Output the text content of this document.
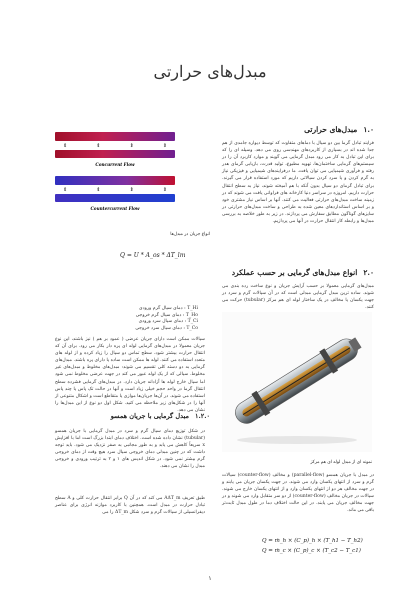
مبدل‌های حرارتی
۱.۰مبدل‌های حرارتی
فرایند تبادل گرما بین دو سیال با دماهای متفاوت که توسط دیواره جامدی از هم جدا شده اند در بسیاری از کاربردهای مهندسی روی می دهد. وسیله ای را که برای این تبادل به کار می رود مبدل گرمایی می گویند و موارد کاربرد آن را در سیستم‌های گرمایی ساختمان‌ها، تهویه مطبوع، تولید قدرت، بازیابی گرمای هدر رفته و فرآوری شیمیایی می توان یافت. ما درفرایندهای شیمیایی و فیزیکی نیاز به گرم کردن و یا سرد کردن سیالاتی داریم که مورد استفاده قرار می گیرند. برای تبادل گرمای دو سیال بدون آنکه با هم آمیخته شوند، نیاز به سطح انتقال حرارت داریم. امروزه در سراسر دنیا کارخانه های فراوانی یافت می شوند که در زمینه ساخت مبدل‌های حرارتی فعالیت می کنند. آنها بر اساس نیاز مشتری خود و بر اساس استانداردهای معین شده به طراحی و ساخت مبدل‌های حرارتی در سایزهای گوناگون مطابق سفارش می پردازند. در زیر به طور خلاصه به بررسی مبدل‌ها و رابطه کار انتقال حرارت در آنها می پردازیم.
⇕	⇕	⇕	⇕
Concurrent Flow
⇕	⇕	⇕	⇕
Countercurrent Flow
انواع جریان در مبدل‌ها
Q = U * A_os * ΔT_lm
۲.۰انواع مبدل‌های گرمایی بر حسب عملکرد
مبدل‌های گرمایی معمولا بر حسب آرایش جریان و نوع ساخت رده بندی می شوند. ساده ترین مبدل گرمایی مبدلی است که در آن سیالات گرم و سرد در جهت یکسان یا مخالف در یک ساختار لوله ای هم مرکز (tubular) حرکت می کنند.
T_Hi : دمای سیال گرم ورودی
T_Ho : دمای سیال گرم خروجی
T_Ci : دمای سیال سرد ورودی
T_Co : دمای سیال سرد خروجی
سیالات ممکن است دارای جریان عرضی ( عمود بر هم ) نیز باشند، این نوع جریان معمولا در مبدل‌های گرمایی لوله ای پره دار بکار می رود. برای آن که انتقال حرارت بیشتر شود، سطح تماس دو سیال را زیاد کرده و از لوله های متعدد استفاده می کنند. لوله ها ممکن است ساده یا دارای پره باشند. مبدل‌های گرمایی به دو دسته کلی تقسیم می شوند: مبدل‌های مخلوط و مبدل‌های غیر مخلوط. سیالی که از یک لوله عبور می کند در جهت عرضی مخلوط نمی شود اما سیال خارج لوله ها آزادانه جریان دارد. در مبدل‌های گرمایی فشرده سطح انتقال گرما در واحد حجم خیلی زیاد است و آنها در حالت تک پاس یا چند پاس استفاده می شوند. در آن‌ها جریان‌ها موازی یا متقاطع است و اشکال متنوعی از آنها را در شکل‌های زیر ملاحظه می کنید. شکل اول دو نوع از این مبدل‌ها را نشان می دهد.
نمونه ای از مبدل لوله ای هم مرکز
۱.۲.۰مبدل گرمایی با جریان همسو
در شکل توزیع دمای سیال گرم و سرد در مبدل گرمایی با جریان همسو (tubular) نشان داده شده است. اختلاف دمای ابتدا بزرگ است اما با افزایش x سریعاً کاهش می یابد و به طور مجانبی به صفر نزدیک می شود. باید توجه داشت که در چنین مبدلی دمای خروجی سیال سرد هیچ وقت از دمای خروجی گرم بیشتر نمی شود. در شکل اندیس های ۱ و ۲ به ترتیب ورودی و خروجی مبدل را نشان می دهند.
طبق تعریف AΔT_m می کند که در آن Q برابر انتقال حرارت کلی و A سطح تبادل حرارت در مبدل است. همچنین با کاربرد موازنه انرژی برای عناصر دیفرانسیلی از سیالات گرم و سرد شکل ΔT_m را می
در مبدل با جریان همسو (parallel-flow) و مخالف (counter-flow) سیالات گرم و سرد از انتهای یکسان وارد می شوند. در جهت یکسان جریان می یابند و در جهت مخالف هر دو از انتهای یکسان وارد و از انتهای یکسان خارج می شوند. سیالات در جریان مخالف (counter-flow) از دو سر متقابل وارد می شوند و در جهت مخالف جریان می یابند. در این حالت اختلاف دما در طول مبدل ثابت‌تر باقی می ماند.
Q = ṁ_h × (C_p)_h × (T_h1 − T_h2)
Q = ṁ_c × (C_p)_c × (T_c2 − T_c1)
۱
